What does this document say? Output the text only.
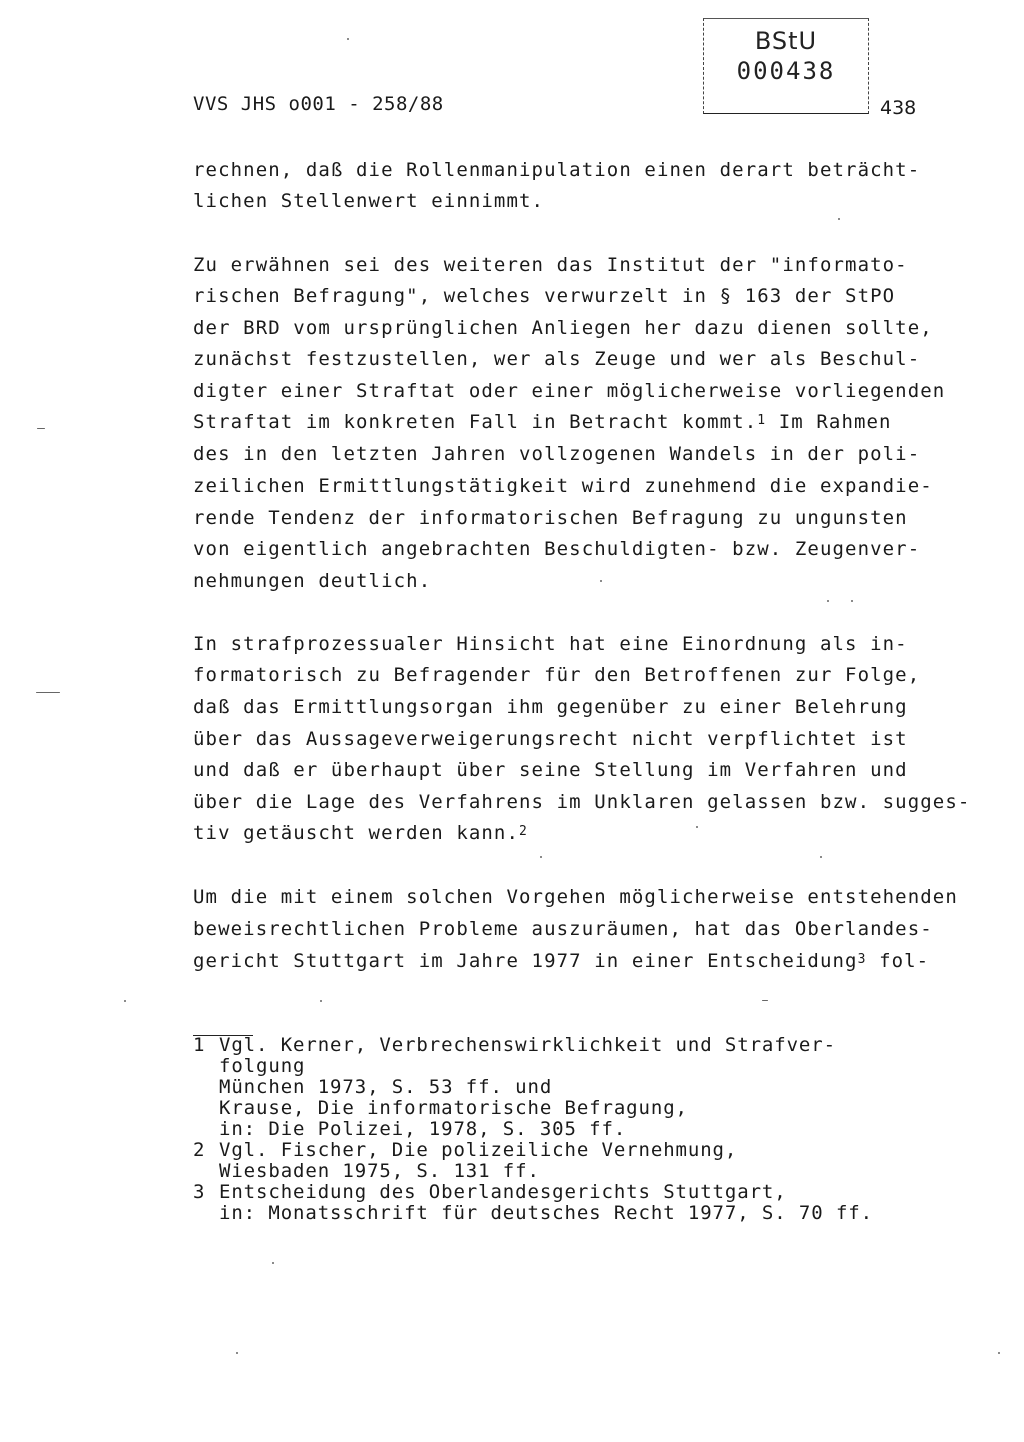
VVS JHS o001 - 258/88
BStU
000438
438
rechnen, daß die Rollenmanipulation einen derart beträcht-
lichen Stellenwert einnimmt.
Zu erwähnen sei des weiteren das Institut der "informato-
rischen Befragung", welches verwurzelt in § 163 der StPO
der BRD vom ursprünglichen Anliegen her dazu dienen sollte,
zunächst festzustellen, wer als Zeuge und wer als Beschul-
digter einer Straftat oder einer möglicherweise vorliegenden
Straftat im konkreten Fall in Betracht kommt.$^1$ Im Rahmen
des in den letzten Jahren vollzogenen Wandels in der poli-
zeilichen Ermittlungstätigkeit wird zunehmend die expandie-
rende Tendenz der informatorischen Befragung zu ungunsten
von eigentlich angebrachten Beschuldigten- bzw. Zeugenver-
nehmungen deutlich.
In strafprozessualer Hinsicht hat eine Einordnung als in-
formatorisch zu Befragender für den Betroffenen zur Folge,
daß das Ermittlungsorgan ihm gegenüber zu einer Belehrung
über das Aussageverweigerungsrecht nicht verpflichtet ist
und daß er überhaupt über seine Stellung im Verfahren und
über die Lage des Verfahrens im Unklaren gelassen bzw. sugges-
tiv getäuscht werden kann.$^2$
Um die mit einem solchen Vorgehen möglicherweise entstehenden
beweisrechtlichen Probleme auszuräumen, hat das Oberlandes-
gericht Stuttgart im Jahre 1977 in einer Entscheidung$^3$ fol-
1 Vgl. Kerner, Verbrechenswirklichkeit und Strafver-
folgung
München 1973, S. 53 ff. und
Krause, Die informatorische Befragung,
in: Die Polizei, 1978, S. 305 ff.
2 Vgl. Fischer, Die polizeiliche Vernehmung,
Wiesbaden 1975, S. 131 ff.
3 Entscheidung des Oberlandesgerichts Stuttgart,
in: Monatsschrift für deutsches Recht 1977, S. 70 ff.
